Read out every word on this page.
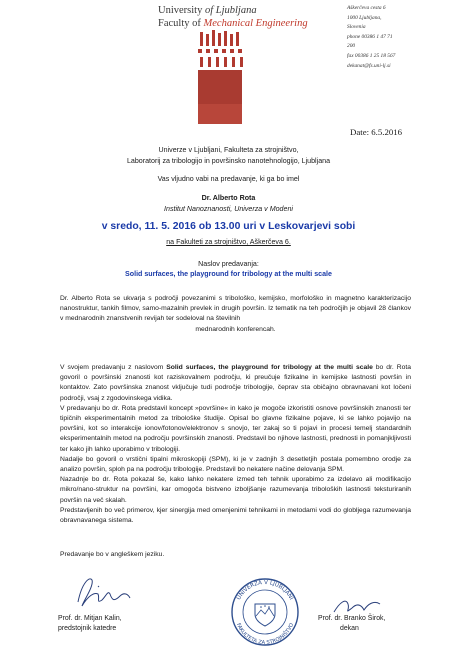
University of Ljubljana
Faculty of Mechanical Engineering
Aškerčeva cesta 6
1000 Ljubljana,
Slovenia
phone 00386 1 47 71
200
fax 00386 1 25 18 567
dekanat@fs.uni-lj.si
Date: 6.5.2016
Univerze v Ljubljani, Fakulteta za strojništvo,
Laboratorij za tribologijo in površinsko nanotehnologijo, Ljubljana
Vas vljudno vabi na predavanje, ki ga bo imel
Dr. Alberto Rota
Institut Nanoznanosti, Univerza v Modeni
v sredo, 11. 5. 2016 ob 13.00 uri v Leskovarjevi sobi
na Fakulteti za strojništvo, Aškerčeva 6.
Naslov predavanja:
Solid surfaces, the playground for tribology at the multi scale
Dr. Alberto Rota se ukvarja s področji povezanimi s tribološko, kemijsko, morfološko in magnetno karakterizacijo nanostruktur, tankih filmov, samo-mazalnih prevlek in drugih površin. Iz tematik na teh področjih je objavil 28 člankov v mednarodnih znanstvenih revijah ter sodeloval na številnih
mednarodnih konferencah.
V svojem predavanju z naslovom Solid surfaces, the playground for tribology at the multi scale bo dr. Rota govoril o površinski znanosti kot raziskovalnem področju, ki preučuje fizikalne in kemijske lastnosti površin in kontaktov. Zato površinska znanost vključuje tudi področje tribologije, čeprav sta običajno obravnavani kot ločeni področji, vsaj z zgodovinskega vidika.
V predavanju bo dr. Rota predstavil koncept »površine« in kako je mogoče izkoristiti osnove površinskih znanosti ter tipičnih eksperimentalnih metod za tribološke študije. Opisal bo glavne fizikalne pojave, ki se lahko pojavijo na površini, kot so interakcije ionov/fotonov/elektronov s snovjo, ter zakaj so ti pojavi in procesi temelj standardnih eksperimentalnih metod na področju površinskih znanosti. Predstavil bo njihove lastnosti, prednosti in pomanjkljivosti ter kako jih lahko uporabimo v tribologiji.
Nadalje bo govoril o vrstični tipalni mikroskopiji (SPM), ki je v zadnjih 3 desetletjih postala pomembno orodje za analizo površin, sploh pa na področju tribologije. Predstavil bo nekatere načine delovanja SPM.
Nazadnje bo dr. Rota pokazal še, kako lahko nekatere izmed teh tehnik uporabimo za izdelavo ali modifikacijo mikro/nano-struktur na površini, kar omogoča bistveno izboljšanje razumevanja triboloških lastnosti teksturiranih površin na več skalah.
Predstavljenih bo več primerov, kjer sinergija med omenjenimi tehnikami in metodami vodi do globljega razumevanja obravnavanega sistema.
Predavanje bo v angleškem jeziku.
Prof. dr. Mitjan Kalin,
predstojnik katedre
UNIVERZA V LJUBLJANI
FAKULTETA ZA STROJNIŠTVO
Prof. dr. Branko Širok,
dekan
